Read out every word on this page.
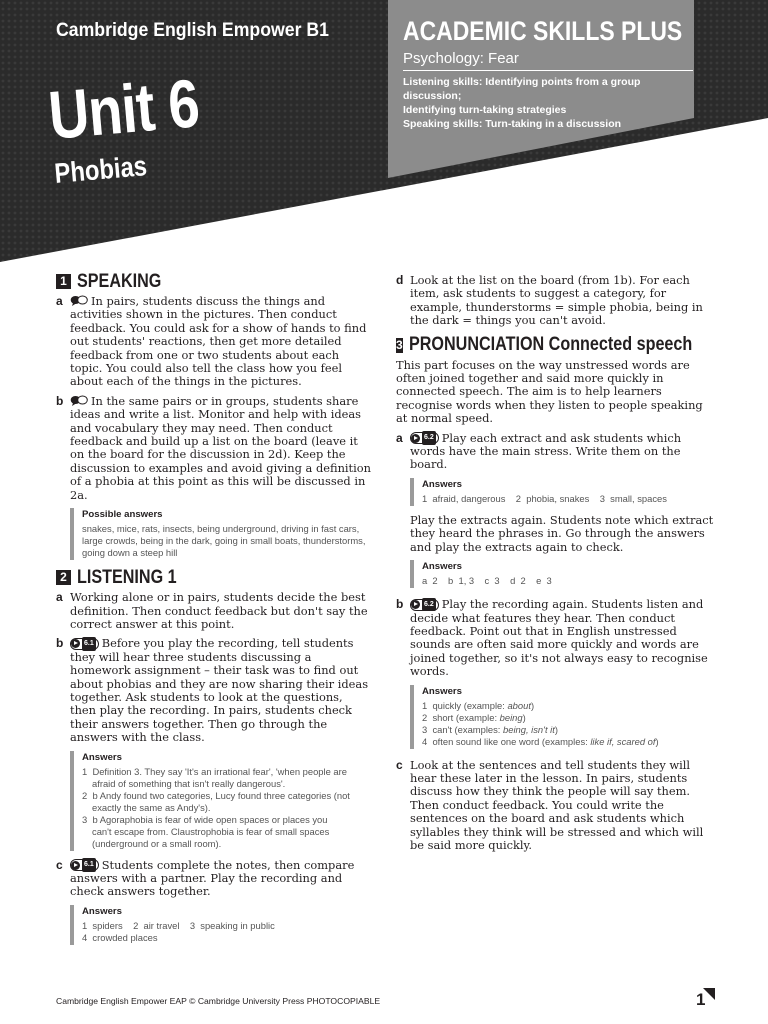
Cambridge English Empower B1
Unit 6
Phobias
ACADEMIC SKILLS PLUS
Psychology: Fear
Listening skills: Identifying points from a group discussion;
Identifying turn-taking strategies
Speaking skills: Turn-taking in a discussion
1 SPEAKING
a In pairs, students discuss the things and activities shown in the pictures. Then conduct feedback. You could ask for a show of hands to find out students' reactions, then get more detailed feedback from one or two students about each topic. You could also tell the class how you feel about each of the things in the pictures.
b In the same pairs or in groups, students share ideas and write a list. Monitor and help with ideas and vocabulary they may need. Then conduct feedback and build up a list on the board (leave it on the board for the discussion in 2d). Keep the discussion to examples and avoid giving a definition of a phobia at this point as this will be discussed in 2a.
Possible answers
snakes, mice, rats, insects, being underground, driving in fast cars, large crowds, being in the dark, going in small boats, thunderstorms, going down a steep hill
2 LISTENING 1
a Working alone or in pairs, students decide the best definition. Then conduct feedback but don't say the correct answer at this point.
b	6.1 Before you play the recording, tell students they will hear three students discussing a homework assignment – their task was to find out about phobias and they are now sharing their ideas together. Ask students to look at the questions, then play the recording. In pairs, students check their answers together. Then go through the answers with the class.
Answers
1 Definition 3. They say 'It's an irrational fear', 'when people are
afraid of something that isn't really dangerous'.
2 b Andy found two categories, Lucy found three categories (not
exactly the same as Andy's).
3 b Agoraphobia is fear of wide open spaces or places you
can't escape from. Claustrophobia is fear of small spaces (underground or a small room).
c	6.1 Students complete the notes, then compare answers with a partner. Play the recording and check answers together.
Answers
1  spiders    2  air travel    3  speaking in public
4  crowded places
d Look at the list on the board (from 1b). For each item, ask students to suggest a category, for example, thunderstorms = simple phobia, being in the dark = things you can't avoid.
3 PRONUNCIATION Connected speech
This part focuses on the way unstressed words are often joined together and said more quickly in connected speech. The aim is to help learners recognise words when they listen to people speaking at normal speed.
a	6.2 Play each extract and ask students which words have the main stress. Write them on the board.
Answers
1  afraid, dangerous    2  phobia, snakes    3  small, spaces
Play the extracts again. Students note which extract they heard the phrases in. Go through the answers and play the extracts again to check.
Answers
a  2    b  1, 3    c  3    d  2    e  3
b	6.2 Play the recording again. Students listen and decide what features they hear. Then conduct feedback. Point out that in English unstressed sounds are often said more quickly and words are joined together, so it's not always easy to recognise words.
Answers
1 quickly (example: about)
2 short (example: being)
3 can't (examples: being, isn't it)
4 often sound like one word (examples: like if, scared of)
c Look at the sentences and tell students they will hear these later in the lesson. In pairs, students discuss how they think the people will say them. Then conduct feedback. You could write the sentences on the board and ask students which syllables they think will be stressed and which will be said more quickly.
Cambridge English Empower EAP © Cambridge University Press PHOTOCOPIABLE	1
